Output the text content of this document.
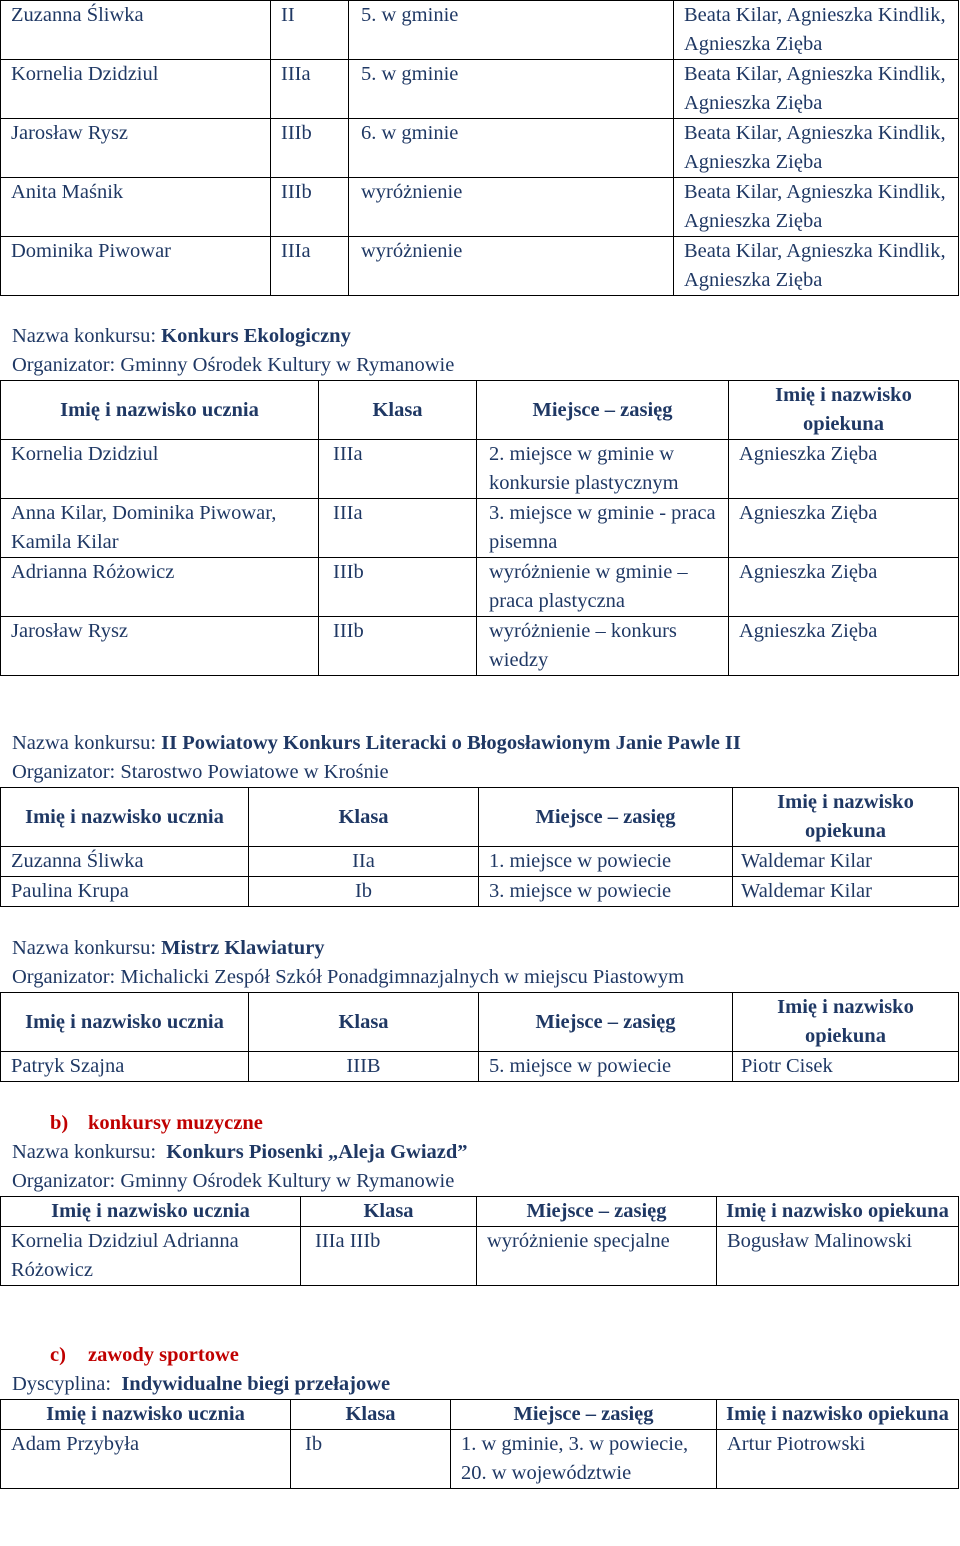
Zuzanna Śliwka	II	5. w gminie	Beata Kilar, Agnieszka Kindlik, Agnieszka Zięba
Kornelia Dzidziul	IIIa	5. w gminie	Beata Kilar, Agnieszka Kindlik, Agnieszka Zięba
Jarosław Rysz	IIIb	6. w gminie	Beata Kilar, Agnieszka Kindlik, Agnieszka Zięba
Anita Maśnik	IIIb	wyróżnienie	Beata Kilar, Agnieszka Kindlik, Agnieszka Zięba
Dominika Piwowar	IIIa	wyróżnienie	Beata Kilar, Agnieszka Kindlik, Agnieszka Zięba
Nazwa konkursu: Konkurs Ekologiczny
Organizator: Gminny Ośrodek Kultury w Rymanowie
Imię i nazwisko ucznia	Klasa	Miejsce – zasięg	Imię i nazwisko opiekuna
Kornelia Dzidziul	IIIa	2. miejsce w gminie w konkursie plastycznym	Agnieszka Zięba
Anna Kilar, Dominika Piwowar, Kamila Kilar	IIIa	3. miejsce w gminie - praca pisemna	Agnieszka Zięba
Adrianna Różowicz	IIIb	wyróżnienie w gminie – praca plastyczna	Agnieszka Zięba
Jarosław Rysz	IIIb	wyróżnienie – konkurs wiedzy	Agnieszka Zięba
Nazwa konkursu: II Powiatowy Konkurs Literacki o Błogosławionym Janie Pawle II
Organizator: Starostwo Powiatowe w Krośnie
Imię i nazwisko ucznia	Klasa	Miejsce – zasięg	Imię i nazwisko opiekuna
Zuzanna Śliwka	IIa	1. miejsce w powiecie	Waldemar Kilar
Paulina Krupa	Ib	3. miejsce w powiecie	Waldemar Kilar
Nazwa konkursu: Mistrz Klawiatury
Organizator: Michalicki Zespół Szkół Ponadgimnazjalnych w miejscu Piastowym
Imię i nazwisko ucznia	Klasa	Miejsce – zasięg	Imię i nazwisko opiekuna
Patryk Szajna	IIIB	5. miejsce w powiecie	Piotr Cisek
b) konkursy muzyczne
Nazwa konkursu: Konkurs Piosenki „Aleja Gwiazd”
Organizator: Gminny Ośrodek Kultury w Rymanowie
Imię i nazwisko ucznia	Klasa	Miejsce – zasięg	Imię i nazwisko opiekuna
Kornelia Dzidziul Adrianna Różowicz	IIIa IIIb	wyróżnienie specjalne	Bogusław Malinowski
c) zawody sportowe
Dyscyplina: Indywidualne biegi przełajowe
Imię i nazwisko ucznia	Klasa	Miejsce – zasięg	Imię i nazwisko opiekuna
Adam Przybyła	Ib	1. w gminie, 3. w powiecie, 20. w województwie	Artur Piotrowski
